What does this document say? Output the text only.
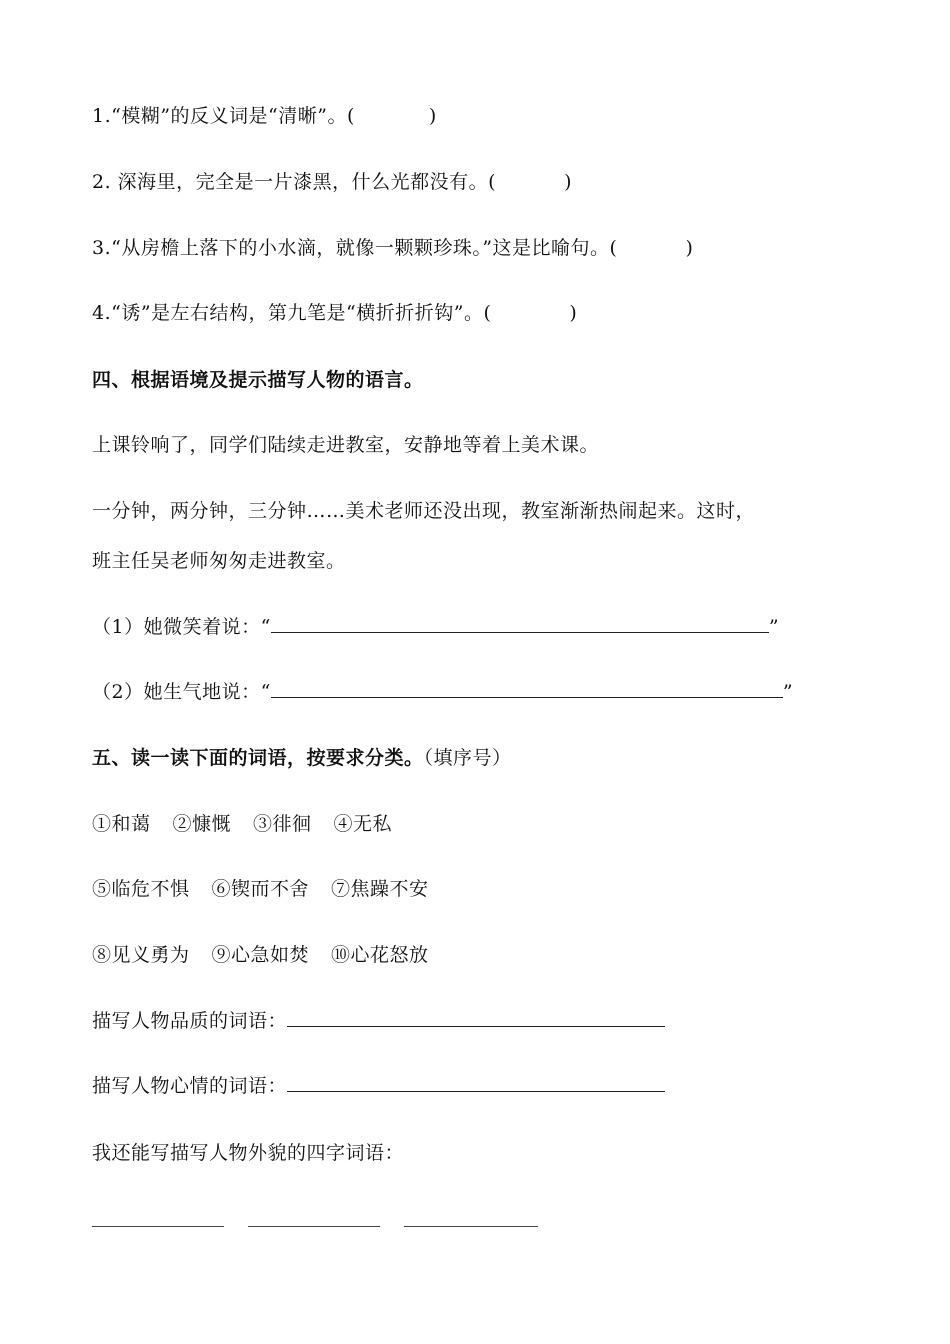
1.“模糊”的反义词是“清晰”。(	)
2. 深海里，完全是一片漆黑，什么光都没有。(	)
3.“从房檐上落下的小水滴，就像一颗颗珍珠。”这是比喻句。(	)
4.“诱”是左右结构，第九笔是“横折折折钩”。(	)
四、根据语境及提示描写人物的语言。
上课铃响了，同学们陆续走进教室，安静地等着上美术课。
一分钟，两分钟，三分钟……美术老师还没出现，教室渐渐热闹起来。这时，
班主任吴老师匆匆走进教室。
（1）她微笑着说：“	”
（2）她生气地说：“	”
五、读一读下面的词语，按要求分类。（填序号）
①和蔼 ②慷慨 ③徘徊 ④无私
⑤临危不惧 ⑥锲而不舍 ⑦焦躁不安
⑧见义勇为 ⑨心急如焚 ⑩心花怒放
描写人物品质的词语：
描写人物心情的词语：
我还能写描写人物外貌的四字词语：
